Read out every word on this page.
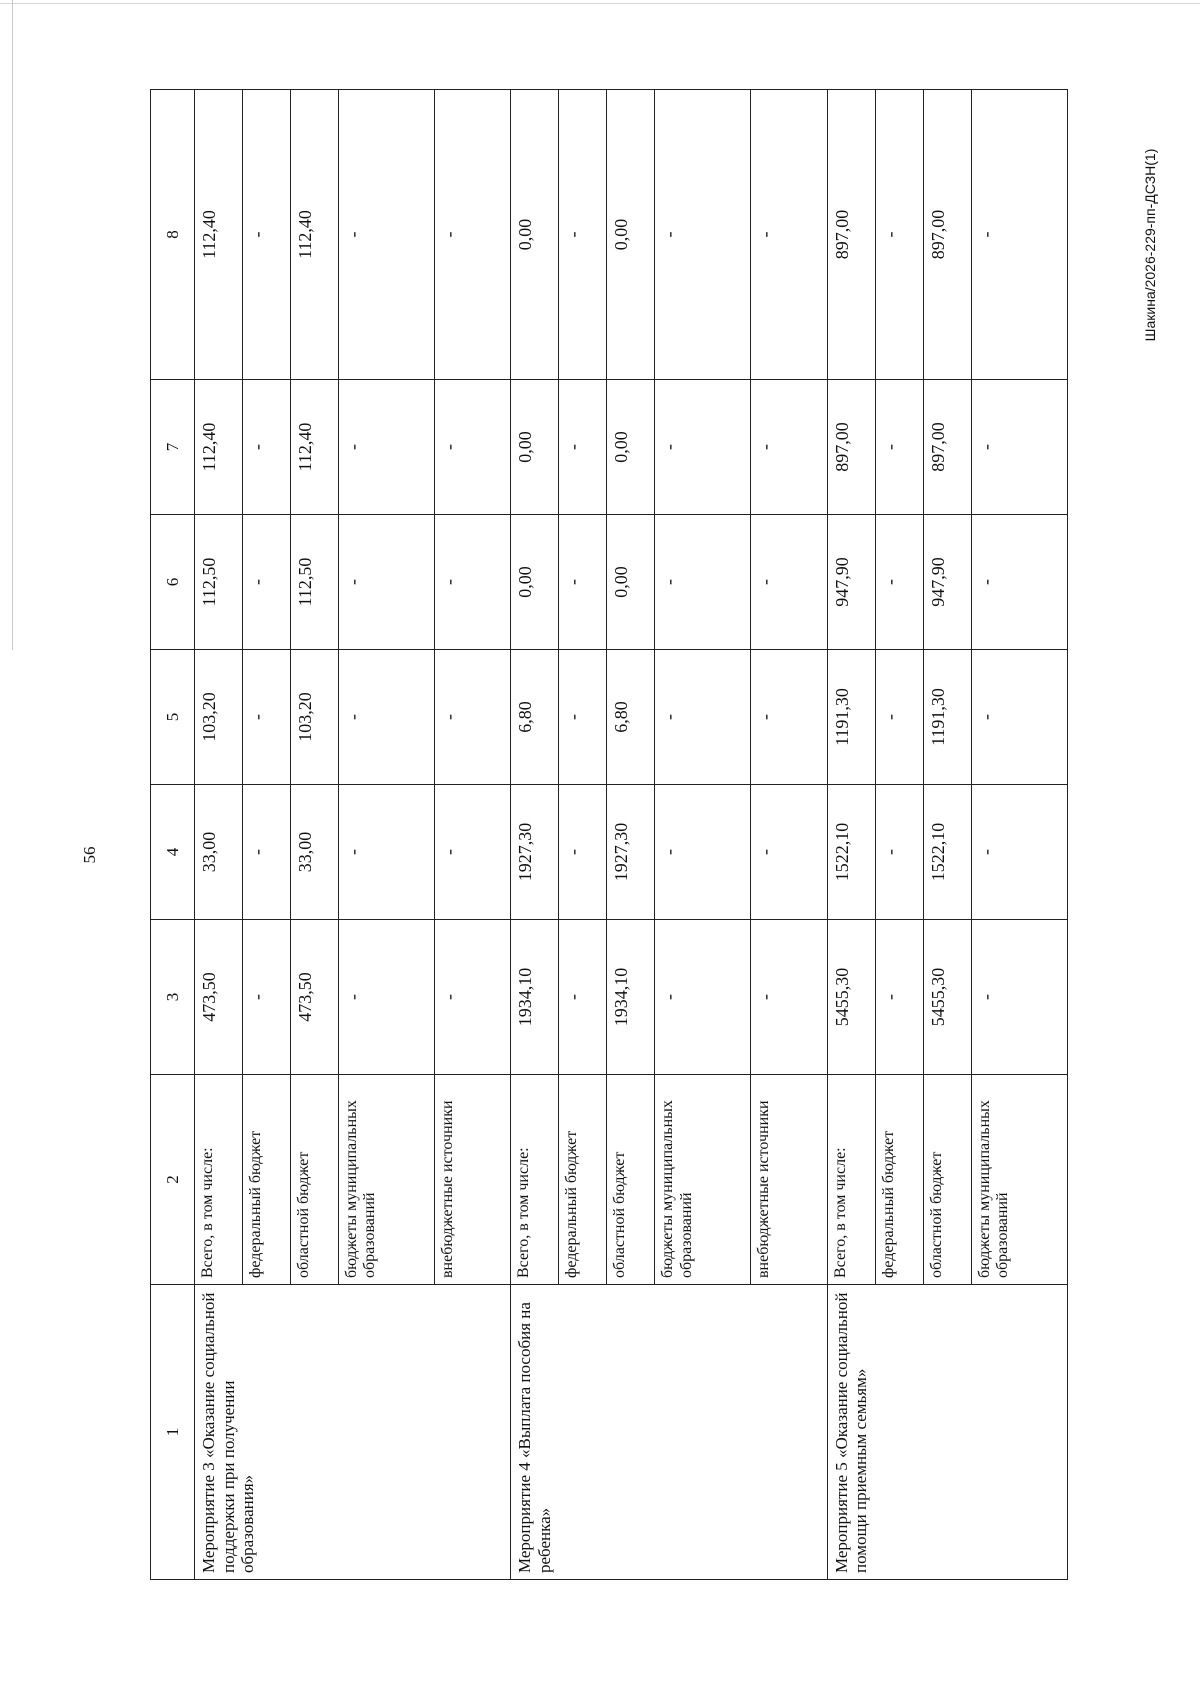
56
Шакина/2026-229-пп-ДСЗН(1)
1	2	3	4	5	6	7	8
Мероприятие 3 «Оказание социальной поддержки при получении образования»	Всего, в том числе:	473,50	33,00	103,20	112,50	112,40	112,40
	федеральный бюджет	-	-	-	-	-	-
	областной бюджет	473,50	33,00	103,20	112,50	112,40	112,40
	бюджеты муниципальных образований	-	-	-	-	-	-
	внебюджетные источники	-	-	-	-	-	-
Мероприятие 4 «Выплата пособия на ребенка»	Всего, в том числе:	1934,10	1927,30	6,80	0,00	0,00	0,00
	федеральный бюджет	-	-	-	-	-	-
	областной бюджет	1934,10	1927,30	6,80	0,00	0,00	0,00
	бюджеты муниципальных образований	-	-	-	-	-	-
	внебюджетные источники	-	-	-	-	-	-
Мероприятие 5 «Оказание социальной помощи приемным семьям»	Всего, в том числе:	5455,30	1522,10	1191,30	947,90	897,00	897,00
	федеральный бюджет	-	-	-	-	-	-
	областной бюджет	5455,30	1522,10	1191,30	947,90	897,00	897,00
	бюджеты муниципальных образований	-	-	-	-	-	-
